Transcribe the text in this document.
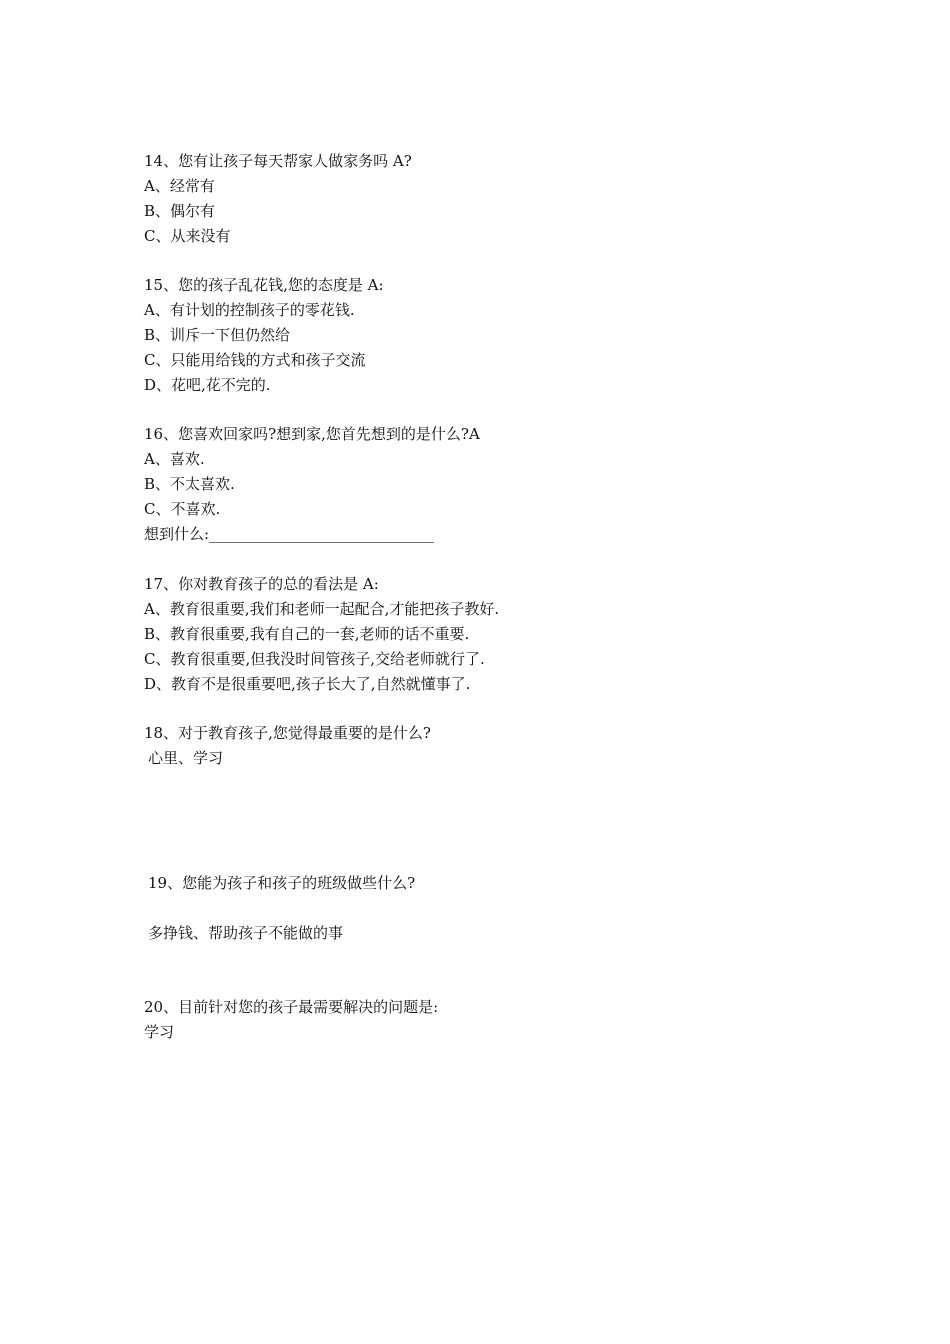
14、您有让孩子每天帮家人做家务吗 A?
A、经常有
B、偶尔有
C、从来没有
15、您的孩子乱花钱,您的态度是 A:
A、有计划的控制孩子的零花钱.
B、训斥一下但仍然给
C、只能用给钱的方式和孩子交流
D、花吧,花不完的.
16、您喜欢回家吗?想到家,您首先想到的是什么?A
A、喜欢.
B、不太喜欢.
C、不喜欢.
想到什么:______________________________
17、你对教育孩子的总的看法是 A:
A、教育很重要,我们和老师一起配合,才能把孩子教好.
B、教育很重要,我有自己的一套,老师的话不重要.
C、教育很重要,但我没时间管孩子,交给老师就行了.
D、教育不是很重要吧,孩子长大了,自然就懂事了.
18、对于教育孩子,您觉得最重要的是什么?
心里、学习
19、您能为孩子和孩子的班级做些什么?
多挣钱、帮助孩子不能做的事
20、目前针对您的孩子最需要解决的问题是:
学习
